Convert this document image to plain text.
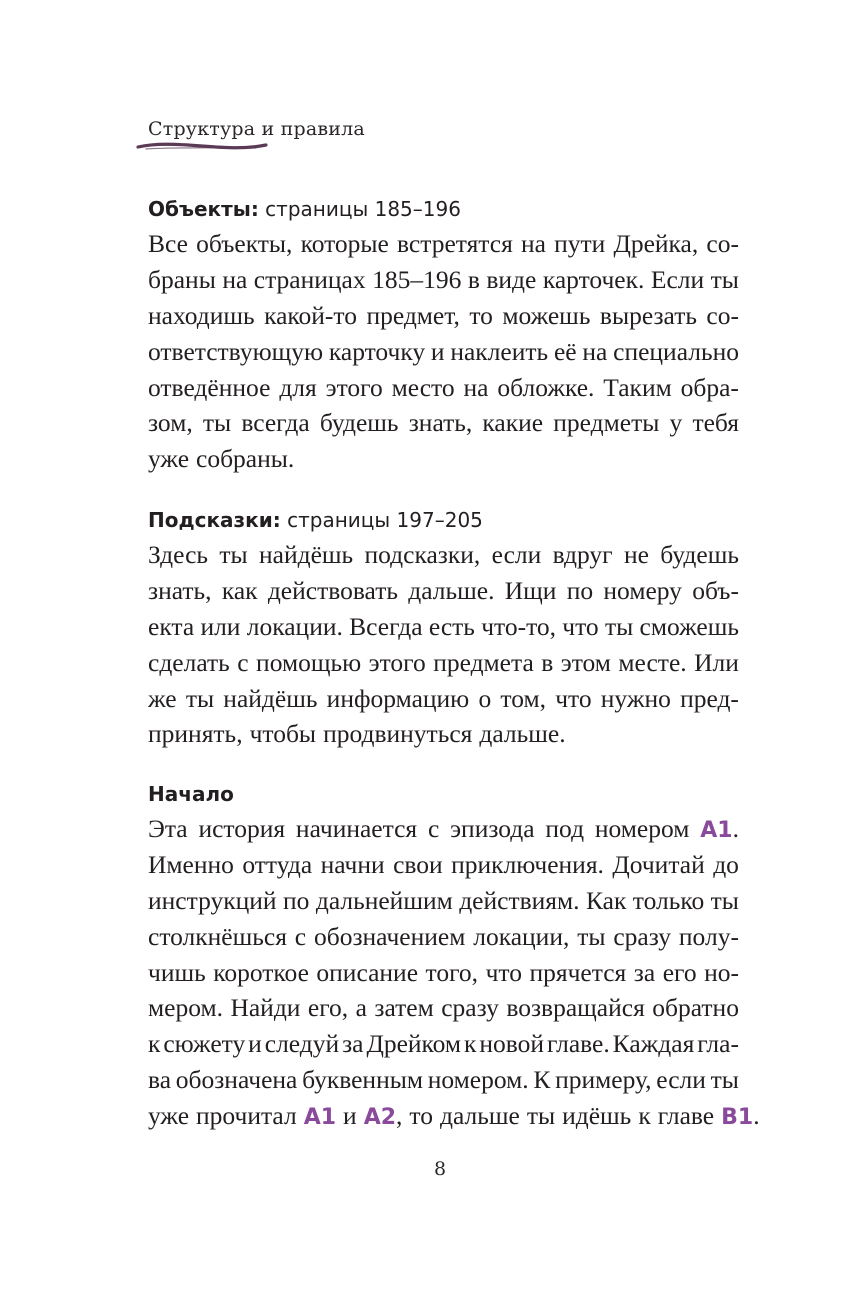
Структура и правила
Объекты: страницы 185–196
Все объекты, которые встретятся на пути Дрейка, со-
браны на страницах 185–196 в виде карточек. Если ты
находишь какой-то предмет, то можешь вырезать со-
ответствующую карточку и наклеить её на специально
отведённое для этого место на обложке. Таким обра-
зом, ты всегда будешь знать, какие предметы у тебя
уже собраны.
Подсказки: страницы 197–205
Здесь ты найдёшь подсказки, если вдруг не будешь
знать, как действовать дальше. Ищи по номеру объ-
екта или локации. Всегда есть что-то, что ты сможешь
сделать с помощью этого предмета в этом месте. Или
же ты найдёшь информацию о том, что нужно пред-
принять, чтобы продвинуться дальше.
Начало
Эта история начинается с эпизода под номером A1.
Именно оттуда начни свои приключения. Дочитай до
инструкций по дальнейшим действиям. Как только ты
столкнёшься с обозначением локации, ты сразу полу-
чишь короткое описание того, что прячется за его но-
мером. Найди его, а затем сразу возвращайся обратно
к сюжету и следуй за Дрейком к новой главе. Каждая гла-
ва обозначена буквенным номером. К примеру, если ты
уже прочитал A1 и A2, то дальше ты идёшь к главе B1.
8
